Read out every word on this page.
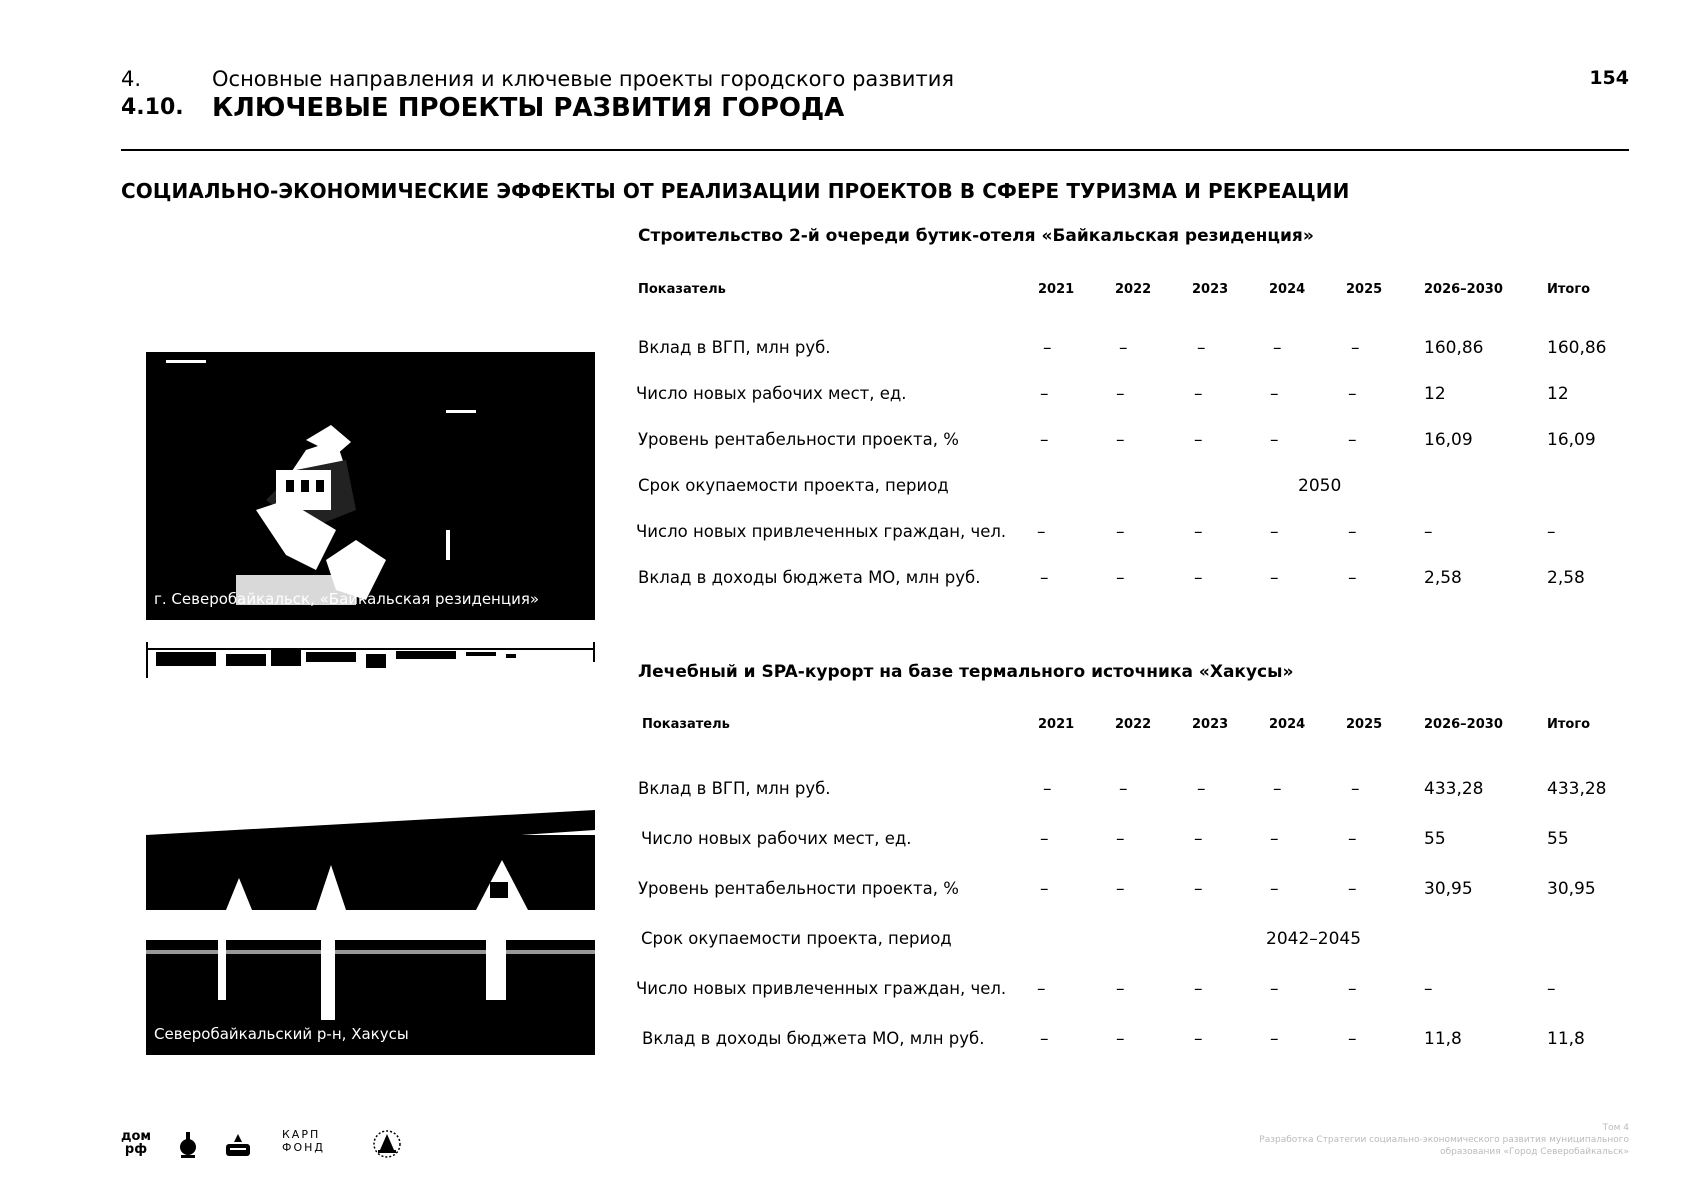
4.	Основные направления и ключевые проекты городского развития
4.10. КЛЮЧЕВЫЕ ПРОЕКТЫ РАЗВИТИЯ ГОРОДА
154
СОЦИАЛЬНО-ЭКОНОМИЧЕСКИЕ ЭФФЕКТЫ ОТ РЕАЛИЗАЦИИ ПРОЕКТОВ В СФЕРЕ ТУРИЗМА И РЕКРЕАЦИИ
г. Северобайкальск, «Байкальская резиденция»
Северобайкальский р-н, Хакусы
Строительство 2-й очереди бутик-отеля «Байкальская резиденция»
Показатель	2021	2022	2023	2024	2025	2026–2030	Итого
Вклад в ВГП, млн руб.	–	–	–	–	–	160,86	160,86
Число новых рабочих мест, ед.	–	–	–	–	–	12	12
Уровень рентабельности проекта, %	–	–	–	–	–	16,09	16,09
Срок окупаемости проекта, период	2050
Число новых привлеченных граждан, чел. –	–	–	–	–	–	–
Вклад в доходы бюджета МО, млн руб.	–	–	–	–	–	2,58	2,58
Лечебный и SPA-курорт на базе термального источника «Хакусы»
Показатель	2021	2022	2023	2024	2025	2026–2030	Итого
Вклад в ВГП, млн руб.	–	–	–	–	–	433,28	433,28
Число новых рабочих мест, ед.	–	–	–	–	–	55	55
Уровень рентабельности проекта, %	–	–	–	–	–	30,95	30,95
Срок окупаемости проекта, период	2042–2045
Число новых привлеченных граждан, чел. –	–	–	–	–	–	–
Вклад в доходы бюджета МО, млн руб.	–	–	–	–	–	11,8	11,8
дом рф
КАРП ФОНД
Том 4
Разработка Стратегии социально-экономического развития муниципального
образования «Город Северобайкальск»
